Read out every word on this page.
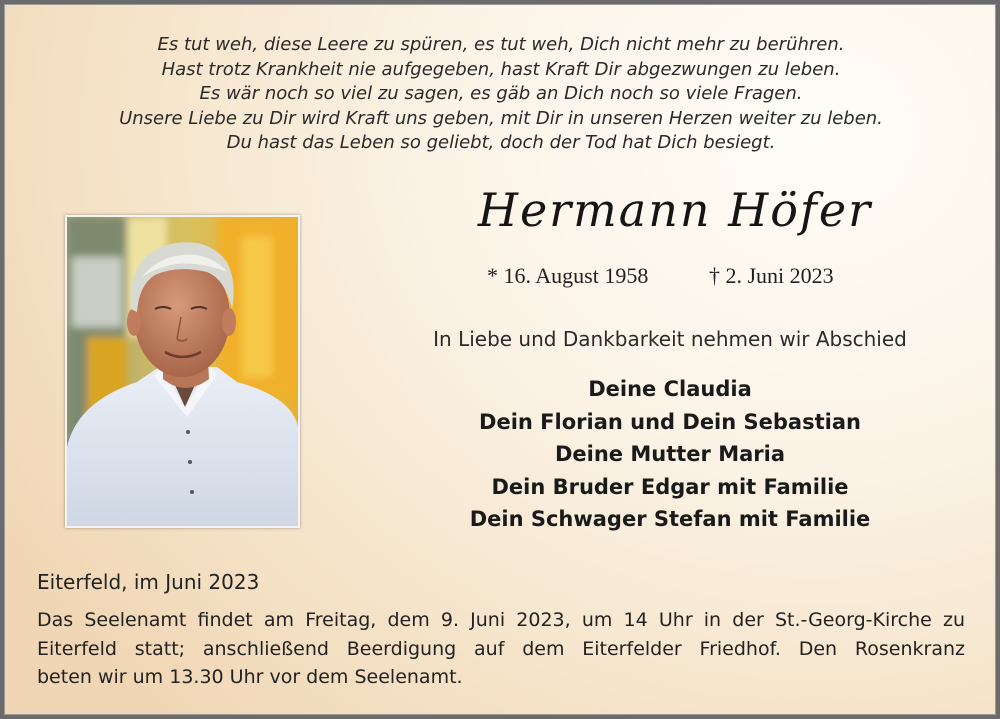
Es tut weh, diese Leere zu spüren, es tut weh, Dich nicht mehr zu berühren.
Hast trotz Krankheit nie aufgegeben, hast Kraft Dir abgezwungen zu leben.
Es wär noch so viel zu sagen, es gäb an Dich noch so viele Fragen.
Unsere Liebe zu Dir wird Kraft uns geben, mit Dir in unseren Herzen weiter zu leben.
Du hast das Leben so geliebt, doch der Tod hat Dich besiegt.
Hermann Höfer
* 16. August 1958	† 2. Juni 2023
In Liebe und Dankbarkeit nehmen wir Abschied
Deine Claudia
Dein Florian und Dein Sebastian
Deine Mutter Maria
Dein Bruder Edgar mit Familie
Dein Schwager Stefan mit Familie
Eiterfeld, im Juni 2023
Das Seelenamt findet am Freitag, dem 9. Juni 2023, um 14 Uhr in der St.-Georg-Kirche zu
Eiterfeld statt; anschließend Beerdigung auf dem Eiterfelder Friedhof. Den Rosenkranz
beten wir um 13.30 Uhr vor dem Seelenamt.
